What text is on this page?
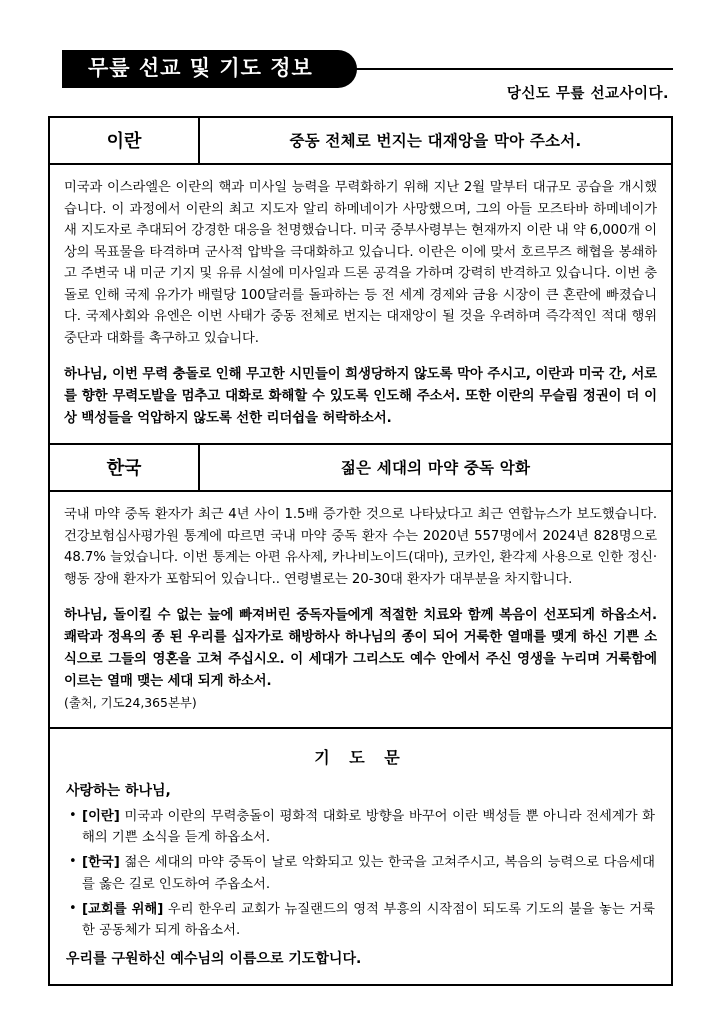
무릎 선교 및 기도 정보
당신도 무릎 선교사이다.
이란	중동 전체로 번지는 대재앙을 막아 주소서.

미국과 이스라엘은 이란의 핵과 미사일 능력을 무력화하기 위해 지난 2월 말부터 대규모 공습을 개시했습니다. 이 과정에서 이란의 최고 지도자 알리 하메네이가 사망했으며, 그의 아들 모즈타바 하메네이가 새 지도자로 추대되어 강경한 대응을 천명했습니다. 미국 중부사령부는 현재까지 이란 내 약 6,000개 이상의 목표물을 타격하며 군사적 압박을 극대화하고 있습니다. 이란은 이에 맞서 호르무즈 해협을 봉쇄하고 주변국 내 미군 기지 및 유류 시설에 미사일과 드론 공격을 가하며 강력히 반격하고 있습니다. 이번 충돌로 인해 국제 유가가 배럴당 100달러를 돌파하는 등 전 세계 경제와 금융 시장이 큰 혼란에 빠졌습니다. 국제사회와 유엔은 이번 사태가 중동 전체로 번지는 대재앙이 될 것을 우려하며 즉각적인 적대 행위 중단과 대화를 촉구하고 있습니다.

하나님, 이번 무력 충돌로 인해 무고한 시민들이 희생당하지 않도록 막아 주시고, 이란과 미국 간, 서로를 향한 무력도발을 멈추고 대화로 화해할 수 있도록 인도해 주소서. 또한 이란의 무슬림 정권이 더 이상 백성들을 억압하지 않도록 선한 리더쉽을 허락하소서.

한국	젊은 세대의 마약 중독 악화

국내 마약 중독 환자가 최근 4년 사이 1.5배 증가한 것으로 나타났다고 최근 연합뉴스가 보도했습니다. 건강보험심사평가원 통계에 따르면 국내 마약 중독 환자 수는 2020년 557명에서 2024년 828명으로 48.7% 늘었습니다. 이번 통계는 아편 유사제, 카나비노이드(대마), 코카인, 환각제 사용으로 인한 정신·행동 장애 환자가 포함되어 있습니다.. 연령별로는 20-30대 환자가 대부분을 차지합니다.

하나님, 돌이킬 수 없는 늪에 빠져버린 중독자들에게 적절한 치료와 함께 복음이 선포되게 하옵소서. 쾌락과 정욕의 종 된 우리를 십자가로 해방하사 하나님의 종이 되어 거룩한 열매를 맺게 하신 기쁜 소식으로 그들의 영혼을 고쳐 주십시오. 이 세대가 그리스도 예수 안에서 주신 영생을 누리며 거룩함에 이르는 열매 맺는 세대 되게 하소서.

(출처, 기도24,365본부)

기 도 문
사랑하는 하나님,
• [이란] 미국과 이란의 무력충돌이 평화적 대화로 방향을 바꾸어 이란 백성들 뿐 아니라 전세계가 화해의 기쁜 소식을 듣게 하옵소서.
• [한국] 젊은 세대의 마약 중독이 날로 악화되고 있는 한국을 고쳐주시고, 복음의 능력으로 다음세대를 옳은 길로 인도하여 주옵소서.
• [교회를 위해] 우리 한우리 교회가 뉴질랜드의 영적 부흥의 시작점이 되도록 기도의 불을 놓는 거룩한 공동체가 되게 하옵소서.
우리를 구원하신 예수님의 이름으로 기도합니다.
